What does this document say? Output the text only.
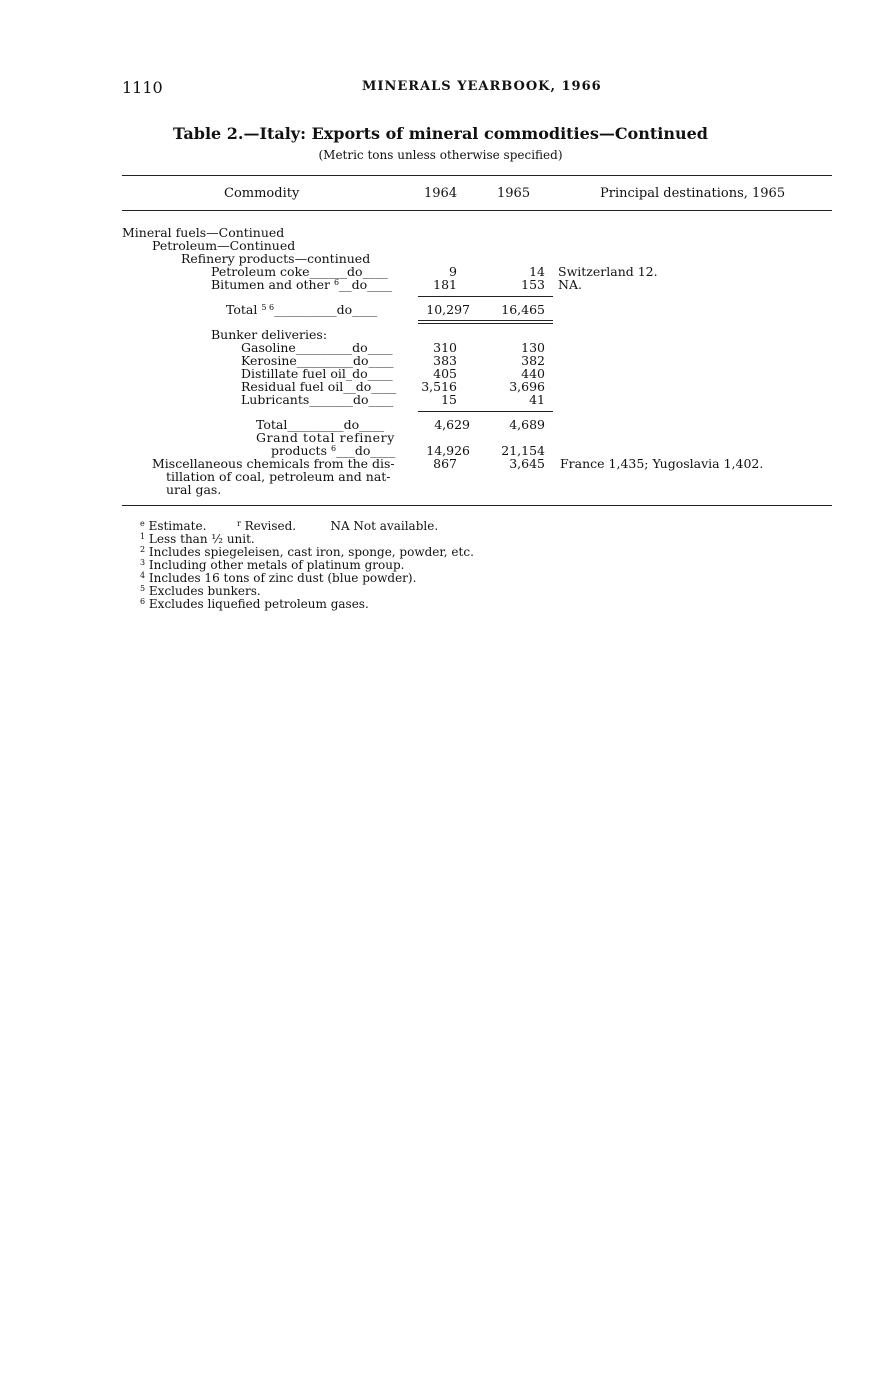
1110	MINERALS YEARBOOK, 1966
Table 2.—Italy: Exports of mineral commodities—Continued
(Metric tons unless otherwise specified)
Commodity	1964	1965	Principal destinations, 1965
Mineral fuels—Continued
Petroleum—Continued
Refinery products—continued
Petroleum coke______do____	9	14 Switzerland 12.
Bitumen and other $^6$__do____	181	153 NA.
Total $^{5 6}$__________do____	10,297	16,465
Bunker deliveries:
Gasoline_________do____	310	130
Kerosine_________do____	383	382
Distillate fuel oil_do____	405	440
Residual fuel oil__do____	3,516	3,696
Lubricants_______do____	15	41
Total_________do____	4,629	4,689
Grand total refinery
products $^6$___do____	14,926	21,154
Miscellaneous chemicals from the dis-
tillation of coal, petroleum and nat-
ural gas.
867	3,645 France 1,435; Yugoslavia 1,402.
$^e$ Estimate.	$^r$ Revised.	NA Not available.
$^1$ Less than ½ unit.
$^2$ Includes spiegeleisen, cast iron, sponge, powder, etc.
$^3$ Including other metals of platinum group.
$^4$ Includes 16 tons of zinc dust (blue powder).
$^5$ Excludes bunkers.
$^6$ Excludes liquefied petroleum gases.
